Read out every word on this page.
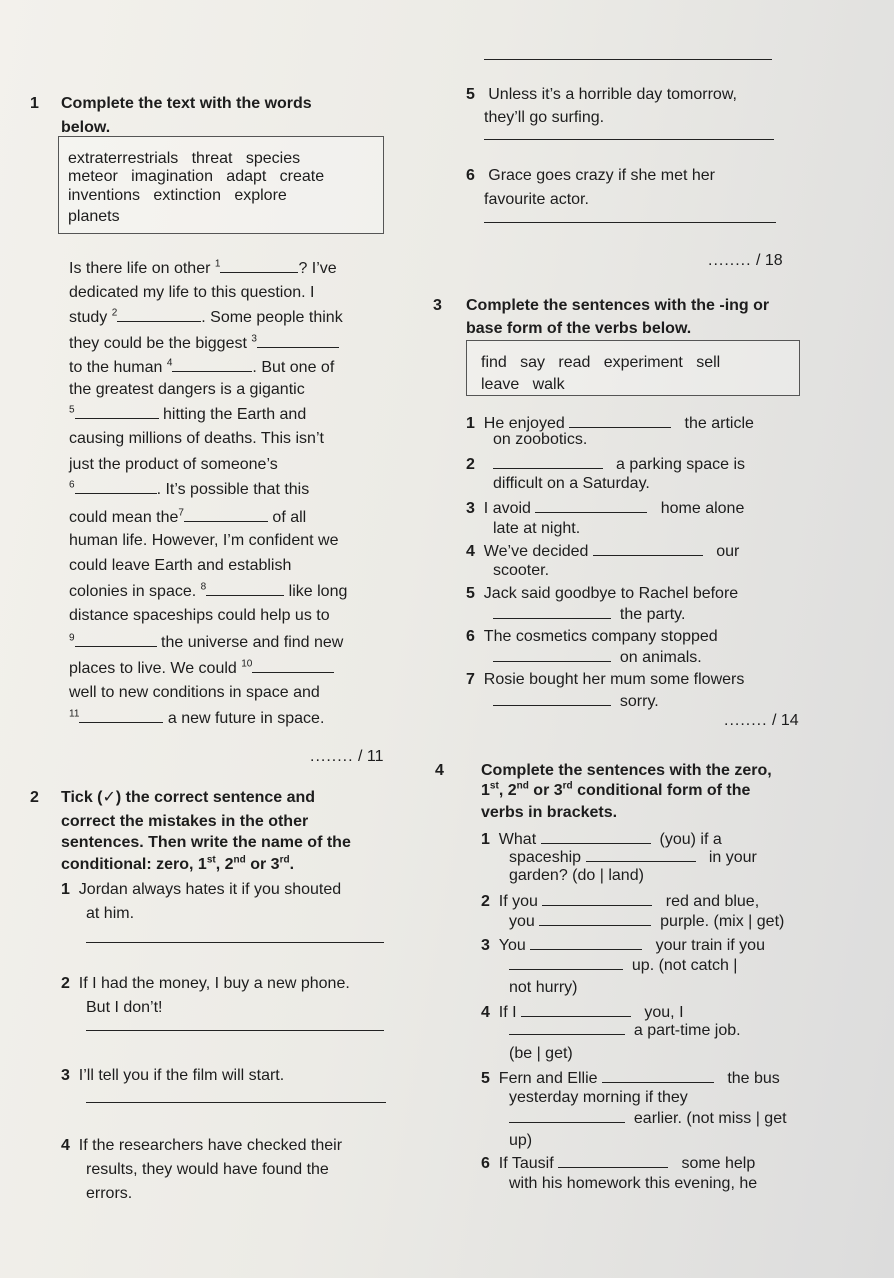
5 Unless it’s a horrible day tomorrow,
they’ll go surfing.
6 Grace goes crazy if she met her
favourite actor.
........ / 18
1 Complete the text with the words
below.
extraterrestrials   threat   species
meteor   imagination   adapt   create
inventions   extinction   explore
planets
Is there life on other $^1$	? I’ve
dedicated my life to this question. I
study $^2$	. Some people think
they could be the biggest $^3$
to the human $^4$	. But one of
the greatest dangers is a gigantic
$^5$	hitting the Earth and
causing millions of deaths. This isn’t
just the product of someone’s
$^6$	. It’s possible that this
could mean the$^7$	of all
human life. However, I’m confident we
could leave Earth and establish
colonies in space. $^8$	like long
distance spaceships could help us to
$^9$	the universe and find new
places to live. We could $^{10}$
well to new conditions in space and
$^{11}$	a new future in space.
........ / 11
2 Tick (✓) the correct sentence and
correct the mistakes in the other
sentences. Then write the name of the
conditional: zero, 1st, 2nd or 3rd.
1 Jordan always hates it if you shouted
at him.
2 If I had the money, I buy a new phone.
But I don’t!
3 I’ll tell you if the film will start.
4 If the researchers have checked their
results, they would have found the
errors.
3 Complete the sentences with the -ing or
base form of the verbs below.
find   say   read   experiment   sell
leave   walk
1 He enjoyed	the article
on zoobotics.
2	a parking space is
difficult on a Saturday.
3 I avoid	home alone
late at night.
4 We’ve decided	our
scooter.
5 Jack said goodbye to Rachel before
the party.
6 The cosmetics company stopped
on animals.
7 Rosie bought her mum some flowers
sorry.
........ / 14
4 Complete the sentences with the zero,
1st, 2nd or 3rd conditional form of the
verbs in brackets.
1 What	(you) if a
spaceship	in your
garden? (do | land)
2 If you	red and blue,
you	purple. (mix | get)
3 You	your train if you
up. (not catch |
not hurry)
4 If I	you, I
a part-time job.
(be | get)
5 Fern and Ellie	the bus
yesterday morning if they
earlier. (not miss | get
up)
6 If Tausif	some help
with his homework this evening, he
